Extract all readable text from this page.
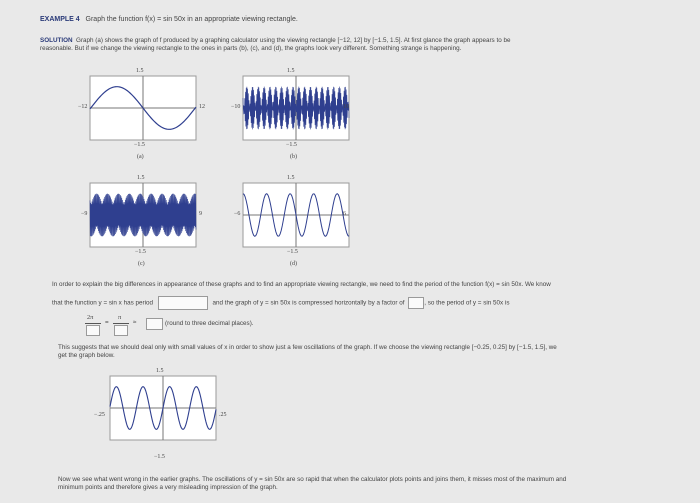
EXAMPLE 4 Graph the function f(x) = sin 50x in an appropriate viewing rectangle.
SOLUTION Graph (a) shows the graph of f produced by a graphing calculator using the viewing rectangle [−12, 12] by [−1.5, 1.5]. At first glance the graph appears to be
reasonable. But if we change the viewing rectangle to the ones in parts (b), (c), and (d), the graphs look very different. Something strange is happening.
1.5
−12	12
−1.5
(a)
1.5
−10	10
−1.5
(b)
1.5
−9	9
−1.5
(c)
1.5
−6	6
−1.5
(d)
In order to explain the big differences in appearance of these graphs and to find an appropriate viewing rectangle, we need to find the period of the function f(x) = sin 50x. We know
that the function y = sin x has period	and the graph of y = sin 50x is compressed horizontally by a factor of	, so the period of y = sin 50x is
2π
=
π
≈	(round to three decimal places).
This suggests that we should deal only with small values of x in order to show just a few oscillations of the graph. If we choose the viewing rectangle [−0.25, 0.25] by [−1.5, 1.5], we
get the graph below.
1.5
−.25	.25
−1.5
Now we see what went wrong in the earlier graphs. The oscillations of y = sin 50x are so rapid that when the calculator plots points and joins them, it misses most of the maximum and
minimum points and therefore gives a very misleading impression of the graph.
